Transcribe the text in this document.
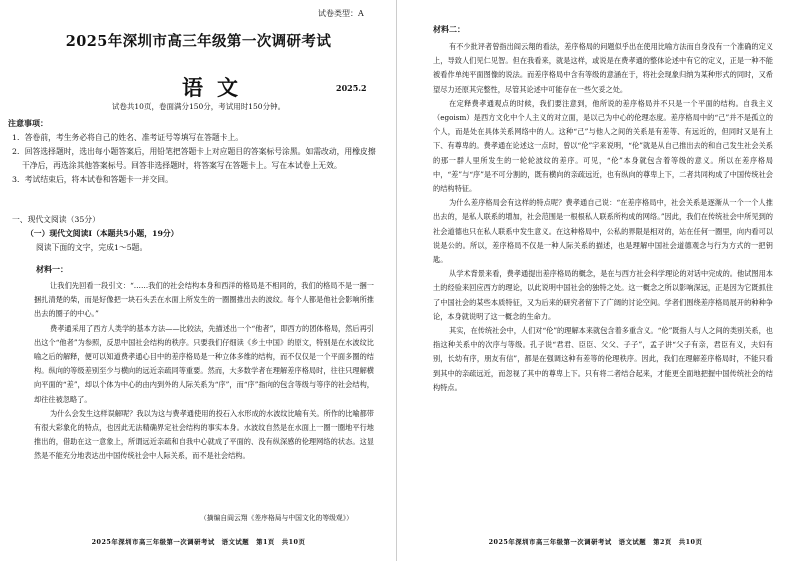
试卷类型：A
2025年深圳市高三年级第一次调研考试
语文	2025.2
试卷共10页，卷面满分150分，考试用时150分钟。
注意事项：

1．答卷前，考生务必将自己的姓名、准考证号等填写在答题卡上。

2．回答选择题时，选出每小题答案后，用铅笔把答题卡上对应题目的答案标号涂黑。如需改动，用橡皮擦干净后，再选涂其他答案标号。回答非选择题时，将答案写在答题卡上。写在本试卷上无效。

3．考试结束后，将本试卷和答题卡一并交回。

一、现代文阅读（35分）
（一）现代文阅读Ⅰ（本题共5小题，19分）
阅读下面的文字，完成1～5题。
材料一：

让我们先回看一段引文：“……我们的社会结构本身和西洋的格局是不相同的，我们的格局不是一捆一捆扎清楚的柴，而是好像把一块石头丢在水面上所发生的一圈圈推出去的波纹。每个人都是他社会影响所推出去的圈子的中心。”

费孝通采用了西方人类学的基本方法——比较法，先描述出一个“他者”，即西方的团体格局，然后再引出这个“他者”为参照，反思中国社会结构的秩序。只要我们仔细读《乡土中国》的原文，特别是在水波纹比喻之后的解释，便可以知道费孝通心目中的差序格局是一种立体多维的结构，而不仅仅是一个平面多圈的结构。纵向的等级差别至少与横向的远近亲疏同等重要。然而，大多数学者在理解差序格局时，往往只理解横向平面的“差”，却以个体为中心的由内到外的人际关系为“序”，而“序”指向的包含等级与等序的社会结构，却往往被忽略了。

为什么会发生这样误解呢？我以为这与费孝通使用的投石入水形成的水波纹比喻有关。所作的比喻都带有很大彩象化的特点，也因此无法精确界定社会结构的事实本身。水波纹自然是在水面上一圈一圈地平行地推出的，借助在这一意象上，所谓远近亲疏和自我中心就成了平面的、没有纵深感的伦理网络的状态。这显然是不能充分地表达出中国传统社会中人际关系，而不是社会结构。

（摘编自阎云翔《差序格局与中国文化的等级观》）
2025年深圳市高三年级第一次调研考试　语文试题　第1页　共10页
材料二：

有不少批评者曾指出阎云翔的看法，差序格局的问题似乎出在使用比喻方法而自身没有一个准确的定义上，导致人们见仁见智。但在我看来，就是这样，或说是在费孝通的整体论述中有它的定义，正是一种不能被看作单纯平面图像的说法。而差序格局中含有等级的意涵在于，将社会现象归纳为某种形式的同时，又希望尽力还原其完整性，尽管其论述中可能存在一些欠妥之处。

在定释费孝通观点的时候，我们要注意到，他所说的差序格局并不只是一个平面的结构。自我主义（egoism）是西方文化中个人主义的对立面，是以己为中心的伦理态度。差序格局中的“己”并不是孤立的个人，而是处在具体关系网络中的人。这种“己”与他人之间的关系是有差等、有远近的，但同时又是有上下、有尊卑的。费孝通在论述这一点时，曾以“伦”字来说明，“伦”就是从自己推出去的和自己发生社会关系的那一群人里所发生的一轮轮波纹的差序。可见，“伦”本身就包含着等级的意义。所以在差序格局中，“差”与“序”是不可分割的，既有横向的亲疏远近，也有纵向的尊卑上下，二者共同构成了中国传统社会的结构特征。

为什么差序格局会有这样的特点呢？费孝通自己说：“在差序格局中，社会关系是逐渐从一个一个人推出去的，是私人联系的增加，社会范围是一根根私人联系所构成的网络。”因此，我们在传统社会中所见到的社会道德也只在私人联系中发生意义。在这种格局中，公私的界限是相对的，站在任何一圈里，向内看可以说是公的。所以，差序格局不仅是一种人际关系的描述，也是理解中国社会道德观念与行为方式的一把钥匙。

从学术背景来看，费孝通提出差序格局的概念，是在与西方社会科学理论的对话中完成的。他试图用本土的经验来回应西方的理论，以此说明中国社会的独特之处。这一概念之所以影响深远，正是因为它既抓住了中国社会的某些本质特征，又为后来的研究者留下了广阔的讨论空间。学者们围绕差序格局展开的种种争论，本身就说明了这一概念的生命力。

其实，在传统社会中，人们对“伦”的理解本来就包含着多重含义。“伦”既指人与人之间的类别关系，也指这种关系中的次序与等级。孔子说“君君、臣臣、父父、子子”，孟子讲“父子有亲，君臣有义，夫妇有别，长幼有序，朋友有信”，都是在强调这种有差等的伦理秩序。因此，我们在理解差序格局时，不能只看到其中的亲疏远近，而忽视了其中的尊卑上下。只有将二者结合起来，才能更全面地把握中国传统社会的结构特点。

2025年深圳市高三年级第一次调研考试　语文试题　第2页　共10页
